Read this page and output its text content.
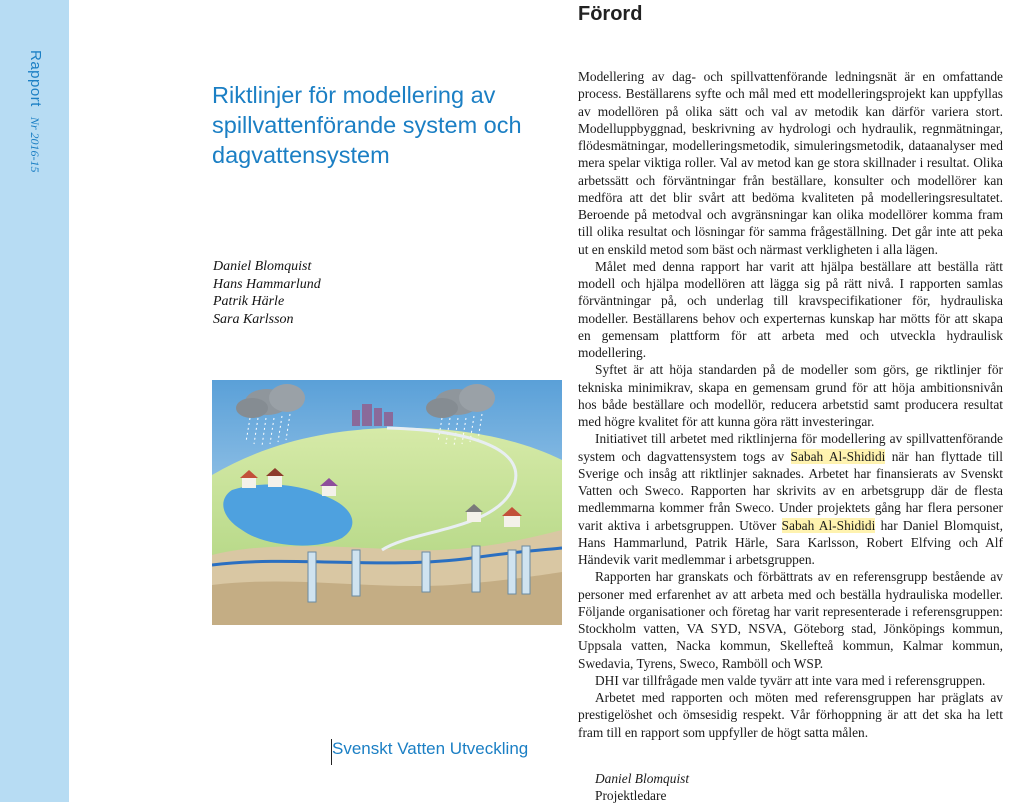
RapportNr 2016-15
Riktlinjer för modellering av spillvattenförande system och dagvattensystem
Daniel Blomquist
Hans Hammarlund
Patrik Härle
Sara Karlsson
Svenskt Vatten Utveckling
Förord

Modellering av dag- och spillvattenförande ledningsnät är en omfattande process. Beställarens syfte och mål med ett modelleringsprojekt kan uppfyllas av modellören på olika sätt och val av metodik kan därför variera stort. Modelluppbyggnad, beskrivning av hydrologi och hydraulik, regnmätningar, flödesmätningar, modelleringsmetodik, simuleringsmetodik, dataanalyser med mera spelar viktiga roller. Val av metod kan ge stora skillnader i resultat. Olika arbetssätt och förväntningar från beställare, konsulter och modellörer kan medföra att det blir svårt att bedöma kvaliteten på modelleringsresultatet. Beroende på metodval och avgränsningar kan olika modellörer komma fram till olika resultat och lösningar för samma frågeställning. Det går inte att peka ut en enskild metod som bäst och närmast verkligheten i alla lägen.

Målet med denna rapport har varit att hjälpa beställare att beställa rätt modell och hjälpa modellören att lägga sig på rätt nivå. I rapporten samlas förväntningar på, och underlag till kravspecifikationer för, hydrauliska modeller. Beställarens behov och experternas kunskap har mötts för att skapa en gemensam plattform för att arbeta med och utveckla hydraulisk modellering.

Syftet är att höja standarden på de modeller som görs, ge riktlinjer för tekniska minimikrav, skapa en gemensam grund för att höja ambitionsnivån hos både beställare och modellör, reducera arbetstid samt producera resultat med högre kvalitet för att kunna göra rätt investeringar.

Initiativet till arbetet med riktlinjerna för modellering av spillvattenförande system och dagvattensystem togs av Sabah Al-Shididi när han flyttade till Sverige och insåg att riktlinjer saknades. Arbetet har finansierats av Svenskt Vatten och Sweco. Rapporten har skrivits av en arbetsgrupp där de flesta medlemmarna kommer från Sweco. Under projektets gång har flera personer varit aktiva i arbetsgruppen. Utöver Sabah Al-Shididi har Daniel Blomquist, Hans Hammarlund, Patrik Härle, Sara Karlsson, Robert Elfving och Alf Händevik varit medlemmar i arbetsgruppen.

Rapporten har granskats och förbättrats av en referensgrupp bestående av personer med erfarenhet av att arbeta med och beställa hydrauliska modeller. Följande organisationer och företag har varit representerade i referensgruppen: Stockholm vatten, VA SYD, NSVA, Göteborg stad, Jönköpings kommun, Uppsala vatten, Nacka kommun, Skellefteå kommun, Kalmar kommun, Swedavia, Tyrens, Sweco, Ramböll och WSP.

DHI var tillfrågade men valde tyvärr att inte vara med i referensgruppen.

Arbetet med rapporten och möten med referensgruppen har präglats av prestigelöshet och ömsesidig respekt. Vår förhoppning är att det ska ha lett fram till en rapport som uppfyller de högt satta målen.

Daniel Blomquist
Projektledare
